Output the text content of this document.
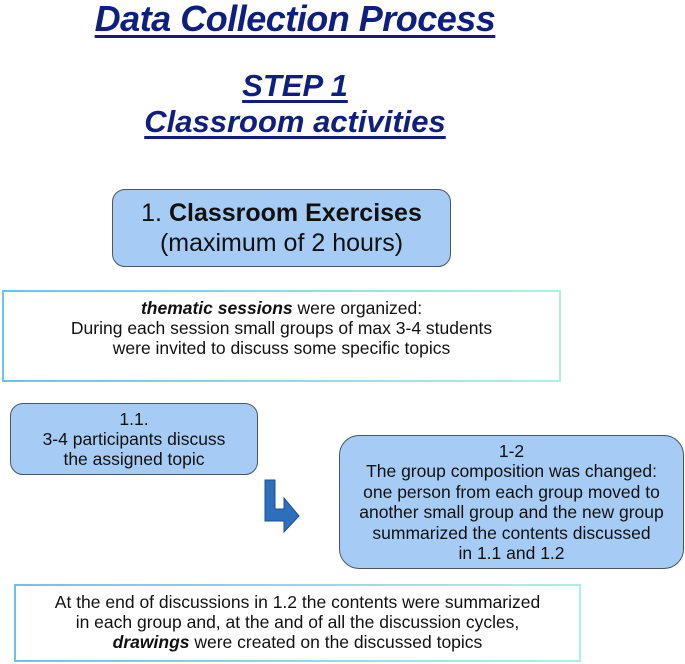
Data Collection Process
STEP 1
Classroom activities
1. Classroom Exercises
(maximum of 2 hours)
thematic sessions were organized:
During each session small groups of max 3-4 students
were invited to discuss some specific topics
1.1.
3-4 participants discuss
the assigned topic	1-2
The group composition was changed:
one person from each group moved to
another small group and the new group
summarized the contents discussed
in 1.1 and 1.2
At the end of discussions in 1.2 the contents were summarized
in each group and, at the and of all the discussion cycles,
drawings were created on the discussed topics
